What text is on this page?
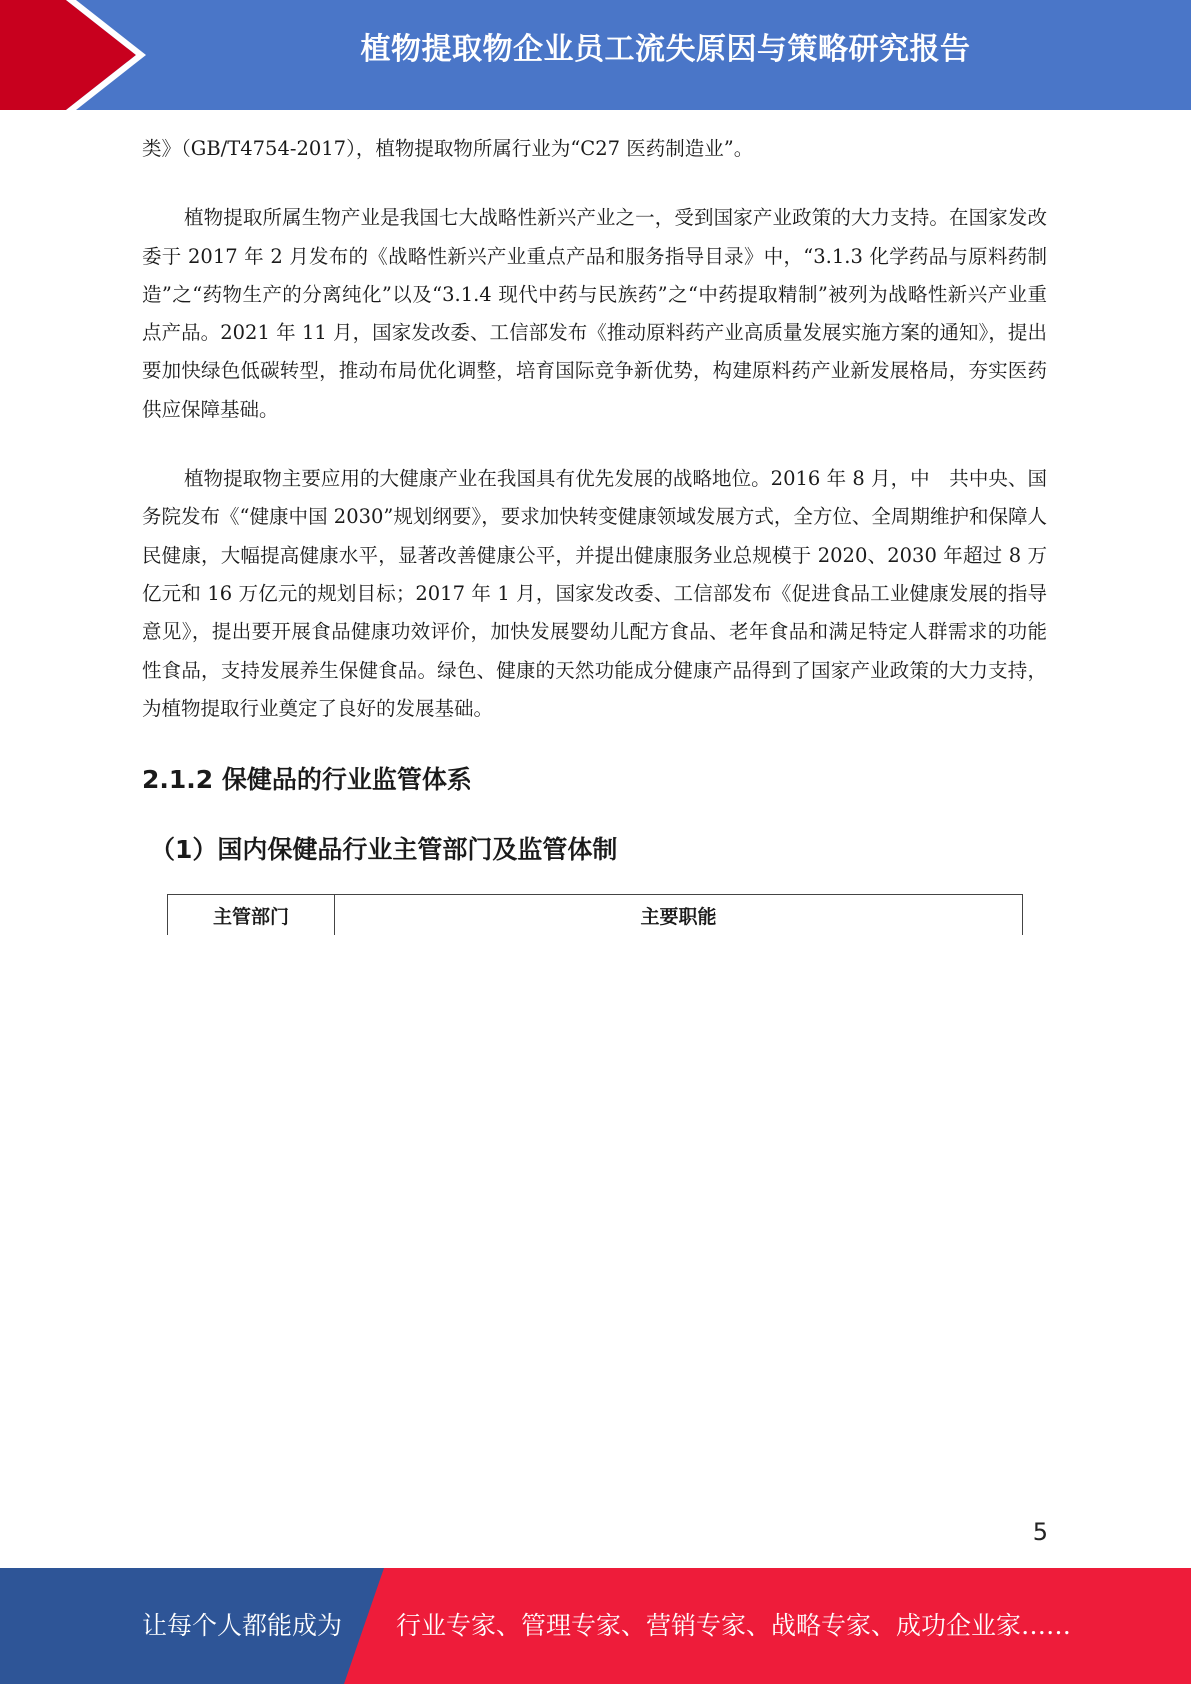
植物提取物企业员工流失原因与策略研究报告

类》（GB/T4754-2017），植物提取物所属行业为“C27 医药制造业”。

植物提取所属生物产业是我国七大战略性新兴产业之一，受到国家产业政策的大力支持。在国家发改委于 2017 年 2 月发布的《战略性新兴产业重点产品和服务指导目录》中，“3.1.3 化学药品与原料药制造”之“药物生产的分离纯化”以及“3.1.4 现代中药与民族药”之“中药提取精制”被列为战略性新兴产业重点产品。2021 年 11 月，国家发改委、工信部发布《推动原料药产业高质量发展实施方案的通知》，提出要加快绿色低碳转型，推动布局优化调整，培育国际竞争新优势，构建原料药产业新发展格局，夯实医药供应保障基础。

植物提取物主要应用的大健康产业在我国具有优先发展的战略地位。2016 年 8 月，中　共中央、国务院发布《“健康中国 2030”规划纲要》，要求加快转变健康领域发展方式，全方位、全周期维护和保障人民健康，大幅提高健康水平，显著改善健康公平，并提出健康服务业总规模于 2020、2030 年超过 8 万亿元和 16 万亿元的规划目标；2017 年 1 月，国家发改委、工信部发布《促进食品工业健康发展的指导意见》，提出要开展食品健康功效评价，加快发展婴幼儿配方食品、老年食品和满足特定人群需求的功能性食品，支持发展养生保健食品。绿色、健康的天然功能成分健康产品得到了国家产业政策的大力支持，为植物提取行业奠定了良好的发展基础。

2.1.2 保健品的行业监管体系
（1）国内保健品行业主管部门及监管体制
主管部门	主要职能
5
让每个人都能成为 行业专家、管理专家、营销专家、战略专家、成功企业家……
